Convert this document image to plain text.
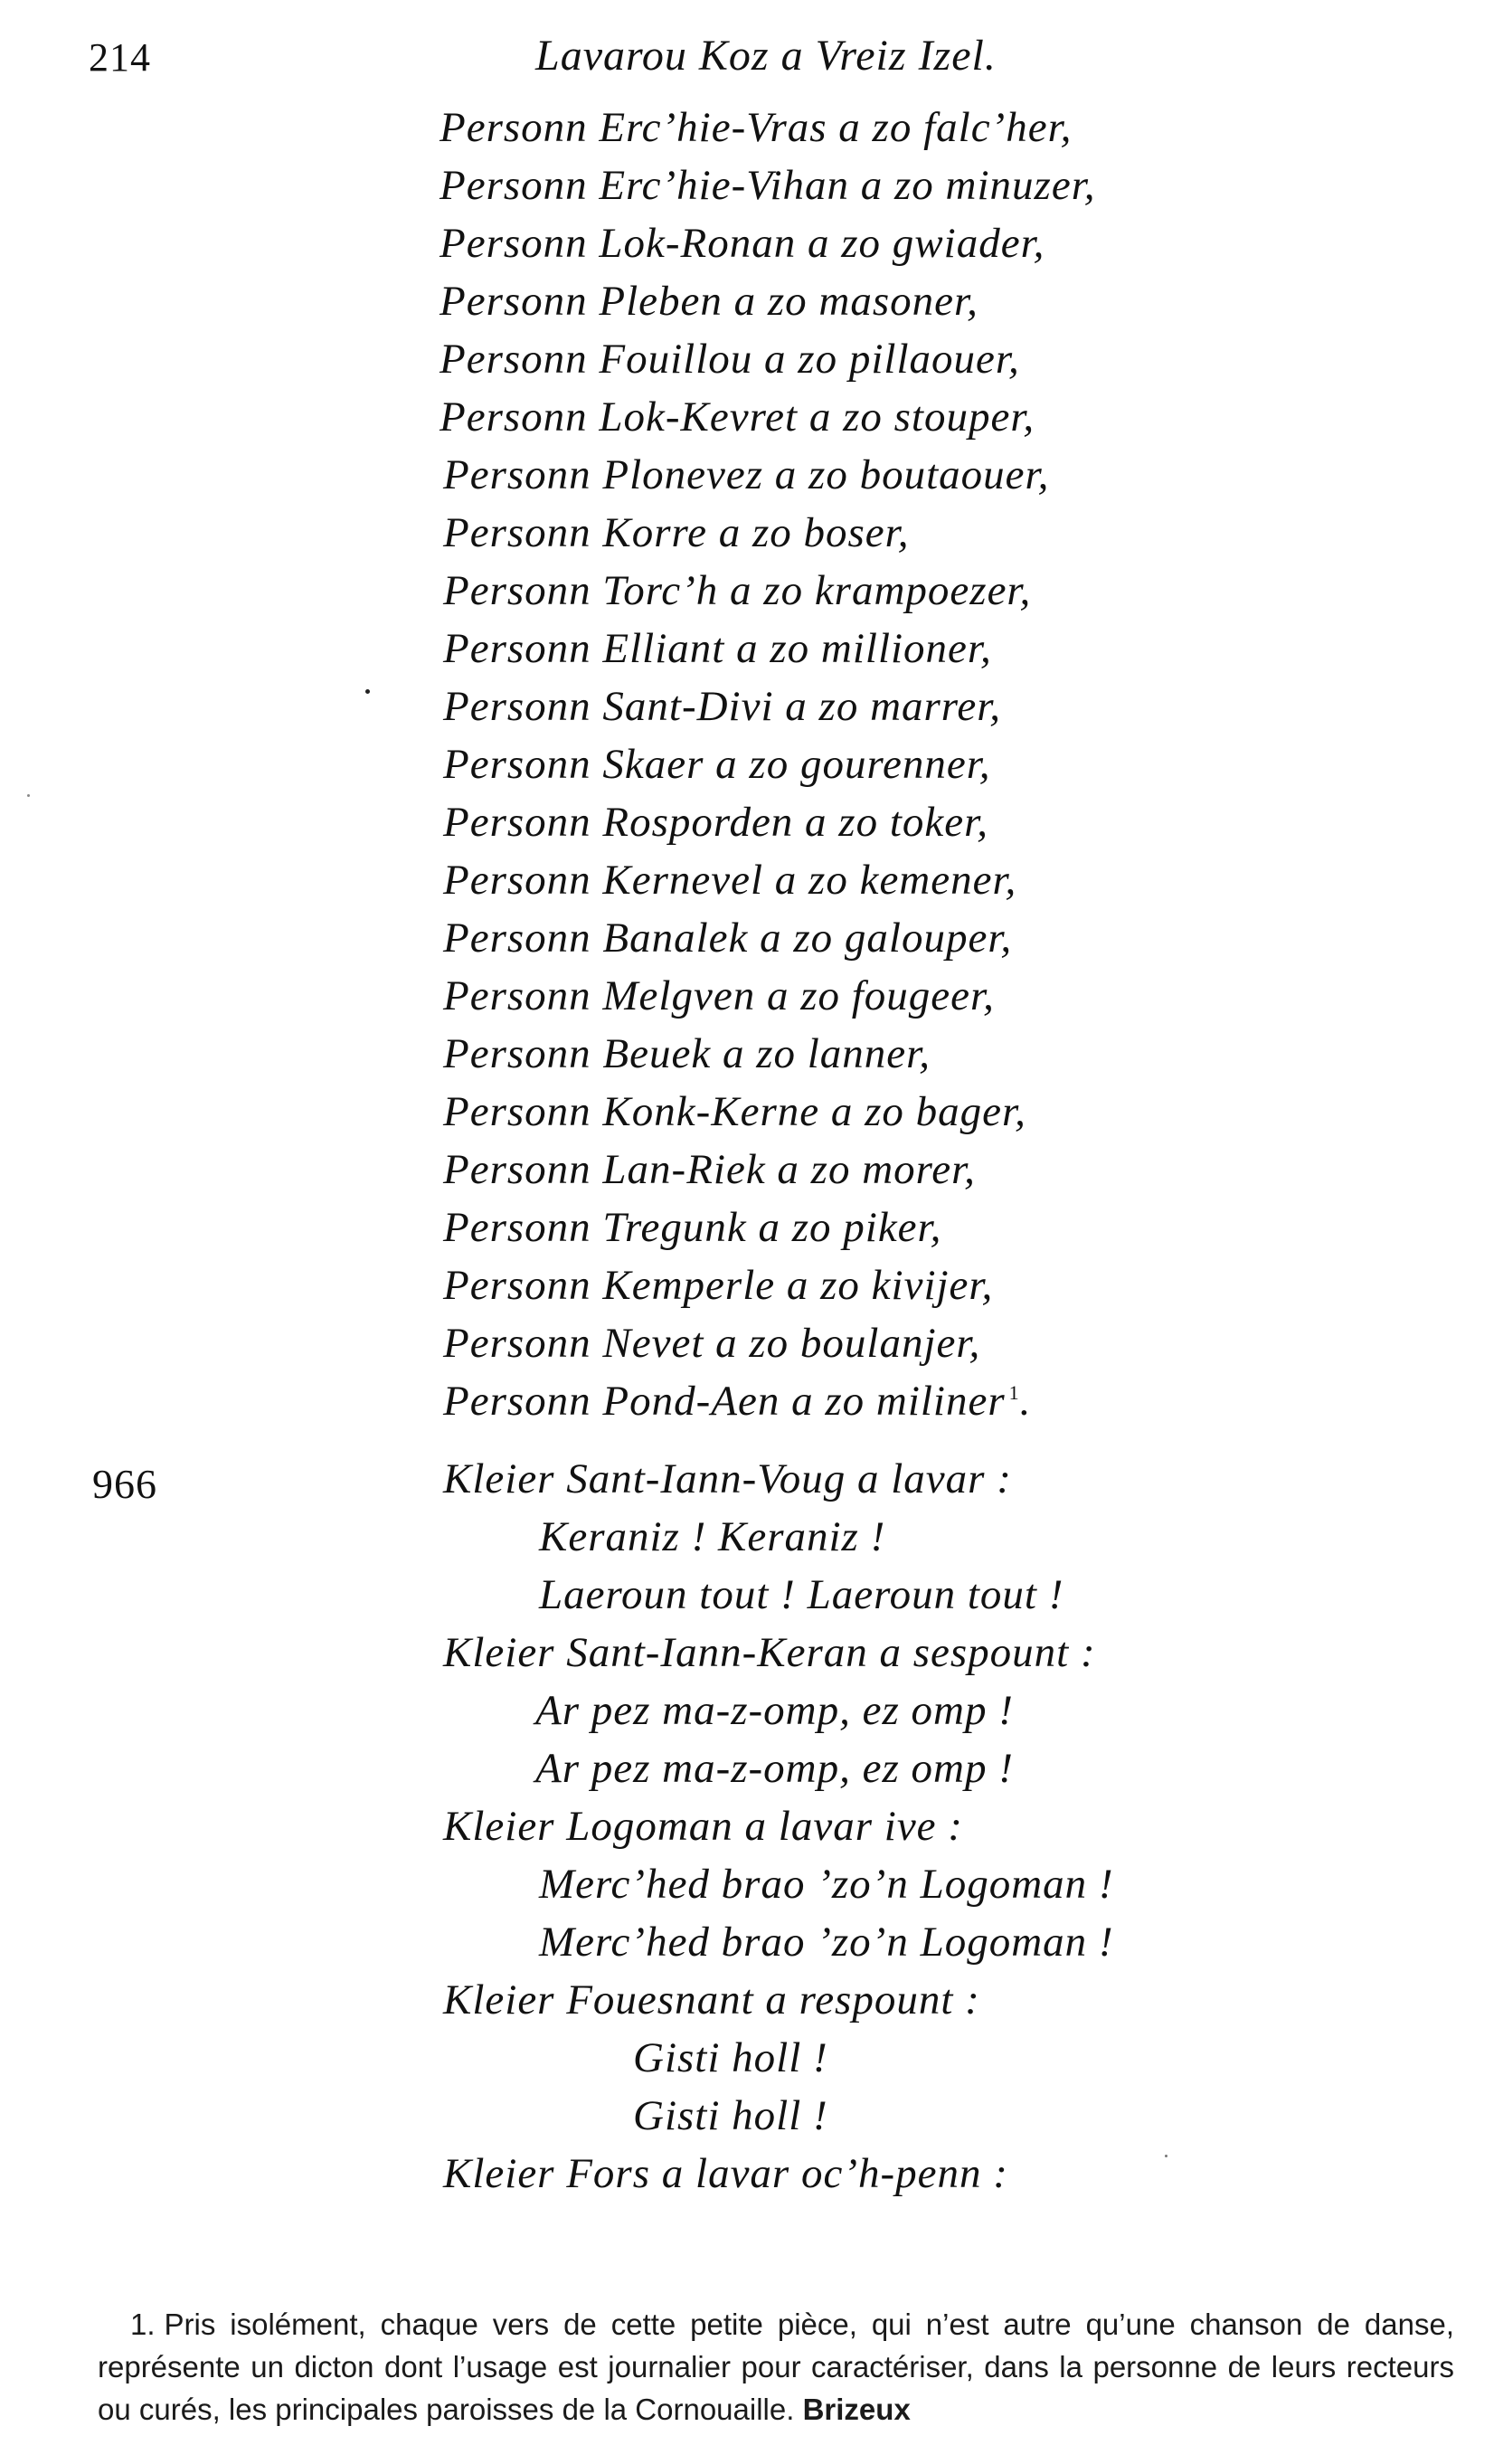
214	Lavarou Koz a Vreiz Izel.
Personn Erc’hie-Vras a zo falc’her,
Personn Erc’hie-Vihan a zo minuzer,
Personn Lok-Ronan a zo gwiader,
Personn Pleben a zo masoner,
Personn Fouillou a zo pillaouer,
Personn Lok-Kevret a zo stouper,
Personn Plonevez a zo boutaouer,
Personn Korre a zo boser,
Personn Torc’h a zo krampoezer,
Personn Elliant a zo millioner,
Personn Sant-Divi a zo marrer,
Personn Skaer a zo gourenner,
Personn Rosporden a zo toker,
Personn Kernevel a zo kemener,
Personn Banalek a zo galouper,
Personn Melgven a zo fougeer,
Personn Beuek a zo lanner,
Personn Konk-Kerne a zo bager,
Personn Lan-Riek a zo morer,
Personn Tregunk a zo piker,
Personn Kemperle a zo kivijer,
Personn Nevet a zo boulanjer,
Personn Pond-Aen a zo miliner $^1$.
Kleier Sant-Iann-Voug a lavar :
Keraniz ! Keraniz !
Laeroun tout ! Laeroun tout !
Kleier Sant-Iann-Keran a sespount :
Ar pez ma-z-omp, ez omp !
Ar pez ma-z-omp, ez omp !
Kleier Logoman a lavar ive :
Merc’hed brao ’zo’n Logoman !
Merc’hed brao ’zo’n Logoman !
Kleier Fouesnant a respount :
Gisti holl !
Gisti holl !
Kleier Fors a lavar oc’h-penn :
966
1. Pris isolément, chaque vers de cette petite pièce, qui n’est autre qu’une chanson de danse, représente un dicton dont l’usage est journalier pour caractériser, dans la personne de leurs recteurs ou curés, les principales paroisses de la Cornouaille. Brizeux
